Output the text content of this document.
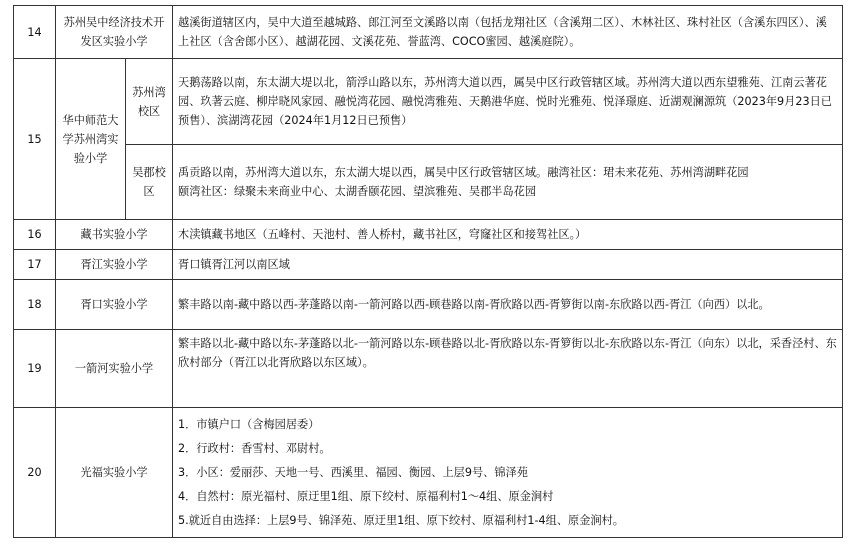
14	苏州吴中经济技术开发区实验小学		越溪街道辖区内，吴中大道至越城路、郎江河至文溪路以南（包括龙翔社区（含溪翔二区）、木林社区、珠村社区（含溪东四区）、溪上社区（含舍郎小区）、越湖花园、文溪花苑、誉蓝湾、COCO蜜园、越溪庭院）。
15	华中师范大学苏州湾实验小学	苏州湾校区	天鹅荡路以南，东太湖大堤以北，箭浮山路以东，苏州湾大道以西，属吴中区行政管辖区域。苏州湾大道以西东望雅苑、江南云著花园、玖著云庭、柳岸晓风家园、融悦湾花园、融悦湾雅苑、天鹅港华庭、悦时光雅苑、悦泽璟庭、近湖观澜源筑（2023年9月23日已预售）、滨湖湾花园（2024年1月12日已预售）
		吴郡校区	禹贡路以南，苏州湾大道以东，东太湖大堤以西，属吴中区行政管辖区域。融湾社区：珺未来花苑、苏州湾湖畔花园
颐湾社区：绿聚未来商业中心、太湖香颐花园、望滨雅苑、吴郡半岛花园

16	藏书实验小学		木渎镇藏书地区（五峰村、天池村、善人桥村，藏书社区，穹窿社区和接驾社区。）
17	胥江实验小学		胥口镇胥江河以南区域
18	胥口实验小学		繁丰路以南-藏中路以西-茅蓬路以南-一箭河路以西-顾巷路以南-胥欣路以西-胥箩街以南-东欣路以西-胥江（向西）以北。
19	一箭河实验小学		繁丰路以北-藏中路以东-茅蓬路以北-一箭河路以东-顾巷路以北-胥欣路以东-胥箩街以北-东欣路以东-胥江（向东）以北，采香泾村、东欣村部分（胥江以北胥欣路以东区域）。
20	光福实验小学		1．市镇户口（含梅园居委）
2．行政村：香雪村、邓尉村。
3．小区：爱丽莎、天地一号、西溪里、福园、衡园、上层9号、锦泽苑
4．自然村：原光福村、原迂里1组、原下绞村、原福利村1～4组、原金涧村
5.就近自由选择：上层9号、锦泽苑、原迂里1组、原下绞村、原福利村1-4组、原金涧村。
